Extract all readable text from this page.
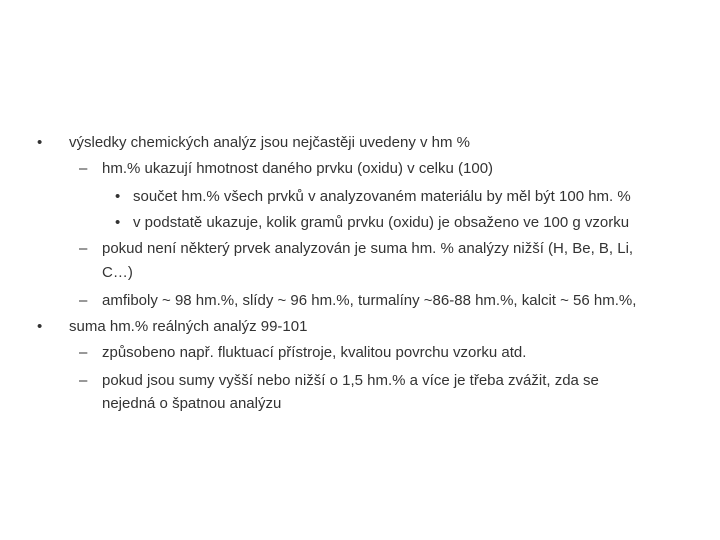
• výsledky chemických analýz jsou nejčastěji uvedeny v hm %
– hm.% ukazují hmotnost daného prvku (oxidu) v celku (100)
• součet hm.% všech prvků v analyzovaném materiálu by měl být 100 hm. %
• v podstatě ukazuje, kolik gramů prvku (oxidu) je obsaženo ve 100 g vzorku
– pokud není některý prvek analyzován je suma hm. % analýzy nižší (H, Be, B, Li,
C…)
– amfiboly ~ 98 hm.%, slídy ~ 96 hm.%, turmalíny ~86-88 hm.%, kalcit ~ 56 hm.%,
• suma hm.% reálných analýz 99-101
– způsobeno např. fluktuací přístroje, kvalitou povrchu vzorku atd.
– pokud jsou sumy vyšší nebo nižší o 1,5 hm.% a více je třeba zvážit, zda se
nejedná o špatnou analýzu
